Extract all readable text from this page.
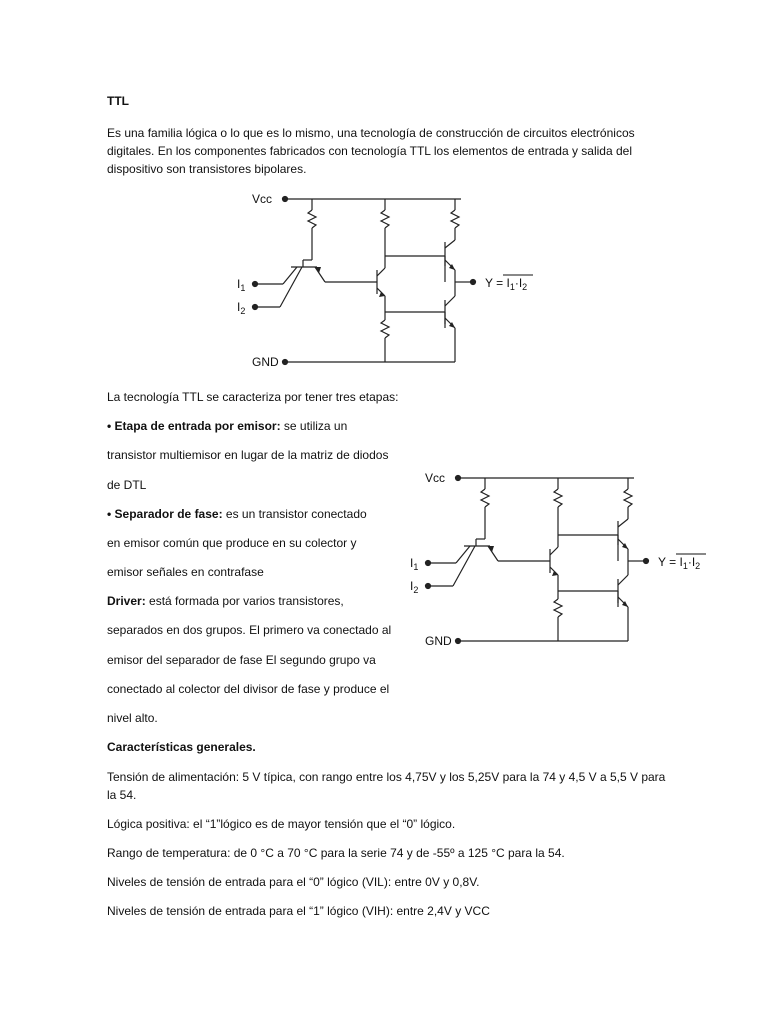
TTL
Es una familia lógica o lo que es lo mismo, una tecnología de construcción de circuitos electrónicos digitales. En los componentes fabricados con tecnología TTL los elementos de entrada y salida del dispositivo son transistores bipolares.
Vcc
GND
$I_1$
$I_2$
$Y = I_1\cdot I_2$
La tecnología TTL se caracteriza por tener tres etapas:
• Etapa de entrada por emisor: se utiliza un
transistor multiemisor en lugar de la matriz de diodos
de DTL
• Separador de fase: es un transistor conectado
en emisor común que produce en su colector y
emisor señales en contrafase
Driver: está formada por varios transistores,
separados en dos grupos. El primero va conectado al
emisor del separador de fase El segundo grupo va
conectado al colector del divisor de fase y produce el
nivel alto.
Vcc
GND
$I_1$
$I_2$
$Y = I_1\cdot I_2$
Características generales.
Tensión de alimentación: 5 V típica, con rango entre los 4,75V y los 5,25V para la 74 y 4,5 V a 5,5 V para la 54.
Lógica positiva: el “1”lógico es de mayor tensión que el “0” lógico.
Rango de temperatura: de 0 °C a 70 °C para la serie 74 y de -55º a 125 °C para la 54.
Niveles de tensión de entrada para el “0” lógico (VIL): entre 0V y 0,8V.
Niveles de tensión de entrada para el “1” lógico (VIH): entre 2,4V y VCC
